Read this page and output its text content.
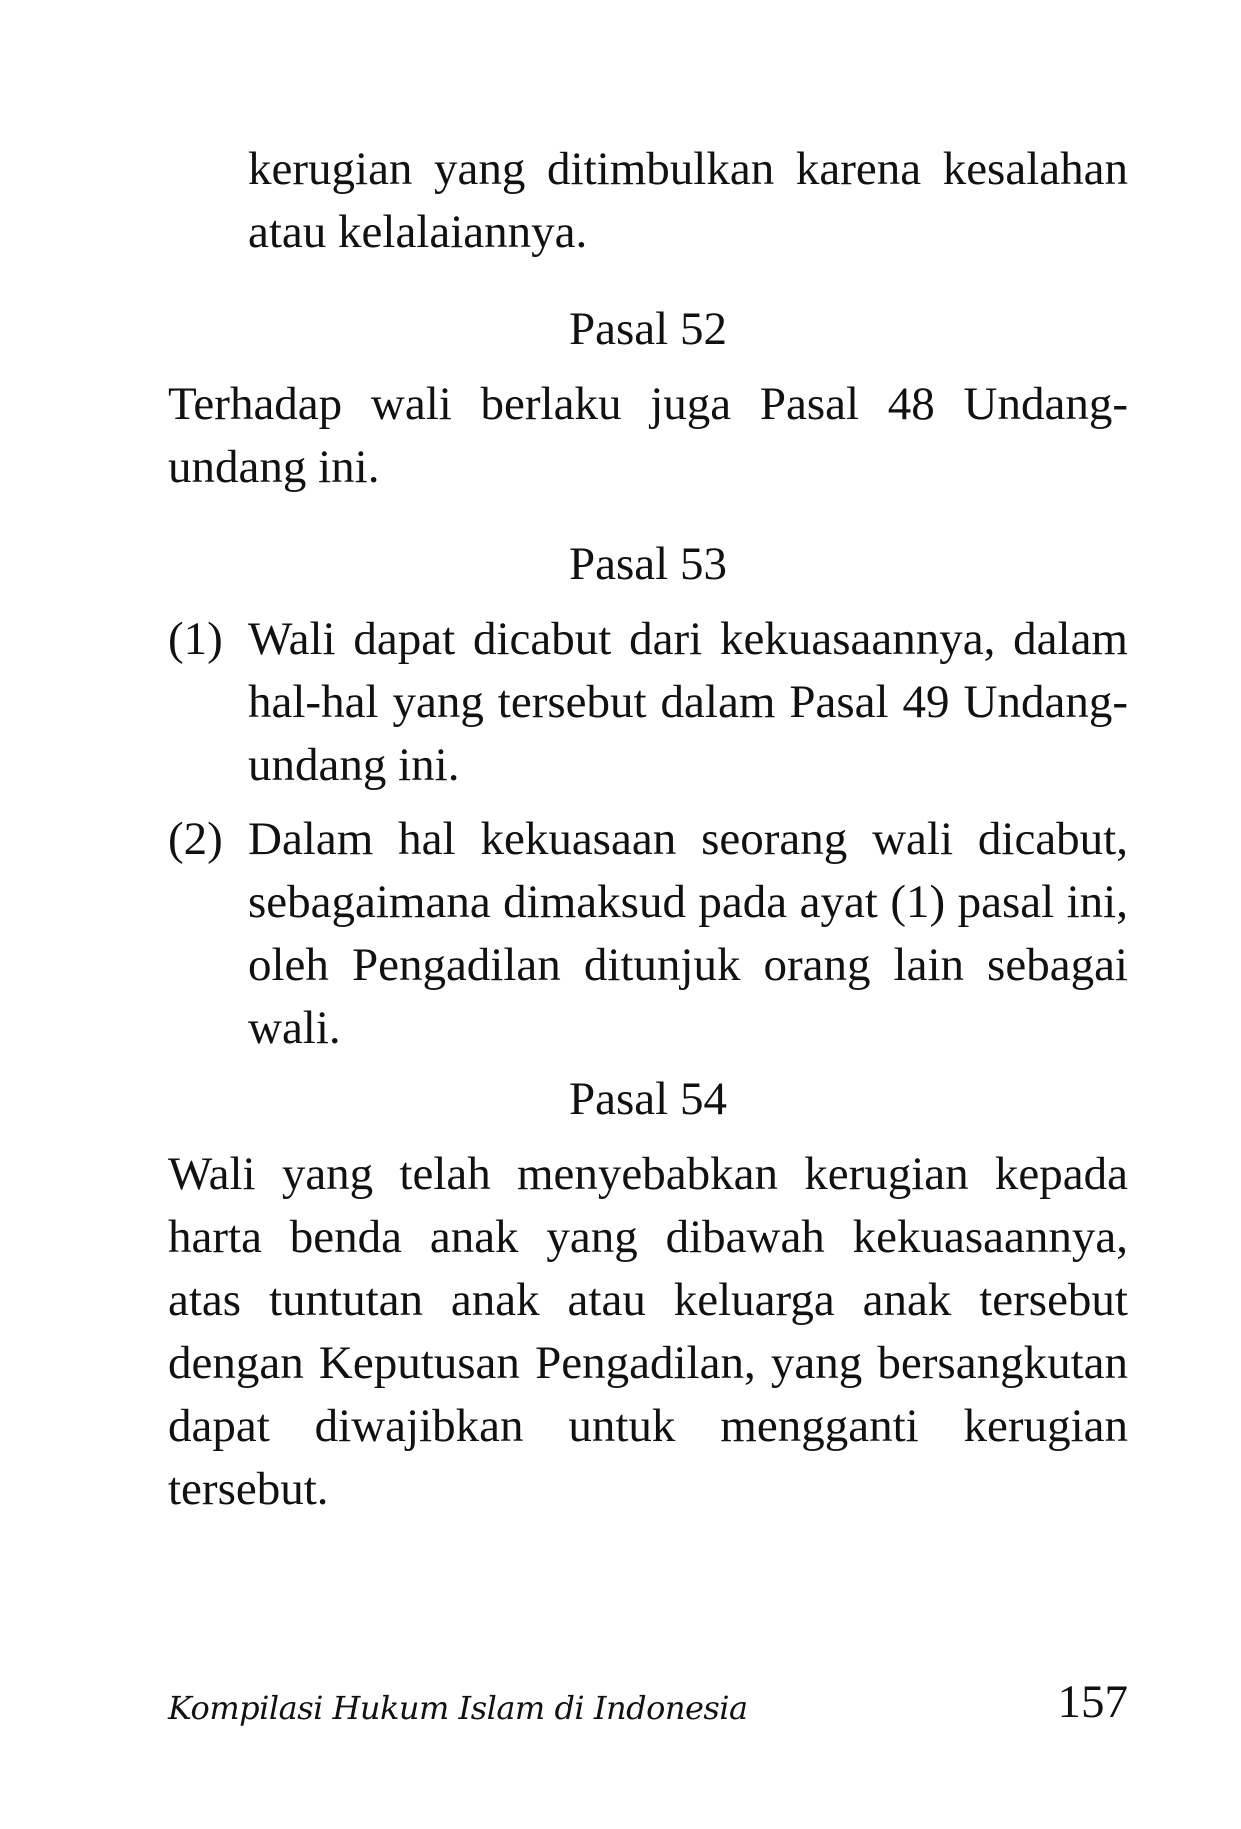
kerugian yang ditimbulkan karena kesalahan atau kelalaiannya.

Pasal 52

Terhadap wali berlaku juga Pasal 48 Undang-undang ini.

Pasal 53

(1) Wali dapat dicabut dari kekuasaannya, dalam hal-hal yang tersebut dalam Pasal 49 Undang-undang ini.

(2) Dalam hal kekuasaan seorang wali dicabut, sebagaimana dimaksud pada ayat (1) pasal ini, oleh Pengadilan ditunjuk orang lain sebagai wali.

Pasal 54

Wali yang telah menyebabkan kerugian kepada harta benda anak yang dibawah kekuasaannya, atas tuntutan anak atau keluarga anak tersebut dengan Keputusan Pengadilan, yang bersangkutan dapat diwajibkan untuk mengganti kerugian tersebut.

Kompilasi Hukum Islam di Indonesia	157
